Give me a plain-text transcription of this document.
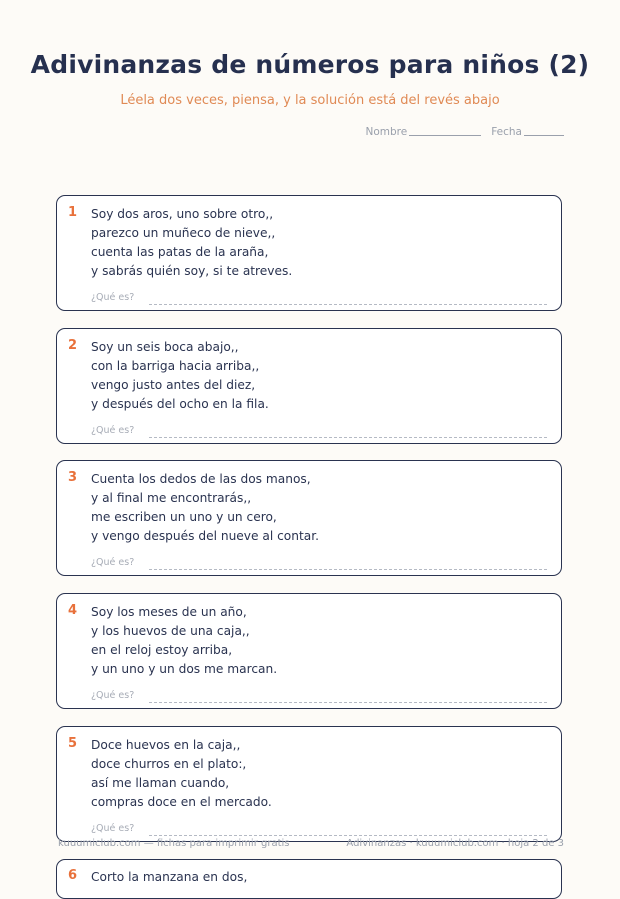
Adivinanzas de números para niños (2)
Léela dos veces, piensa, y la solución está del revés abajo
Nombre	Fecha
1 Soy dos aros, uno sobre otro,,
parezco un muñeco de nieve,,
cuenta las patas de la araña,
y sabrás quién soy, si te atreves.
¿Qué es?
2 Soy un seis boca abajo,,
con la barriga hacia arriba,,
vengo justo antes del diez,
y después del ocho en la fila.
¿Qué es?
3 Cuenta los dedos de las dos manos,
y al final me encontrarás,,
me escriben un uno y un cero,
y vengo después del nueve al contar.
¿Qué es?
4 Soy los meses de un año,
y los huevos de una caja,,
en el reloj estoy arriba,
y un uno y un dos me marcan.
¿Qué es?
5 Doce huevos en la caja,,
doce churros en el plato:,
así me llaman cuando,
compras doce en el mercado.
¿Qué es?
kuuumiclub.com — fichas para imprimir gratis	Adivinanzas · kuuumiclub.com · hoja 2 de 3
6 Corto la manzana en dos,
